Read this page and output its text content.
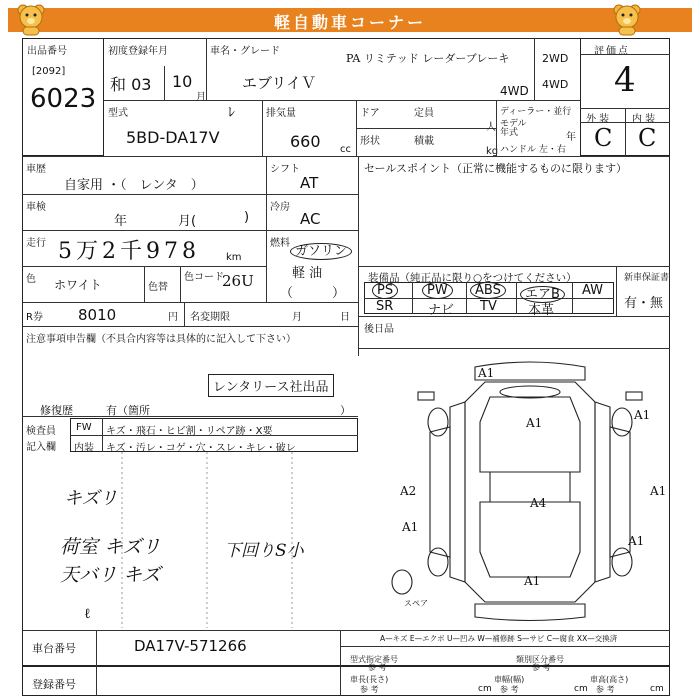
軽自動車コーナー
出品番号
[2092]
6023
初度登録年月
和 03 10
月
車名・グレード
PA リミテッド レーダーブレーキ
エブリイＶ	4WD
2WD
4WD
評価点
4
外 装 内 装
C C
型式	ﾚ
5BD-DA17V
排気量
660 cc
ドア	定員
人
形状	積載
kg
ディーラー・並行
モデル 年式	年
ハンドル 左・右
車歴
自家用 ・（　レンタ　）
シフト
AT
車検
年	月(	)
冷房
AC
走行 5万2千978	km
燃料
ガソリン
軽 油
（　　　）
色 ホワイト	色替
色コード
26U
R券 8010	円 名変期限	月	日
注意事項申告欄（不具合内容等は具体的に記入して下さい）
レンタリース社出品
修復歴	有（箇所	）
検査員
記入欄
FW キズ・飛石・ヒビ割・リペア跡・X要
内装 キズ・汚レ・コゲ・穴・スレ・キレ・破レ
キズリ
荷室 キズリ
天バリ キズ
下回りS小
ℓ
セールスポイント（正常に機能するものに限ります）
装備品（純正品に限り○をつけてください）	新車保証書
有・無
PS	PW	ABS	エアB	AW
SR	ナビ TV 本革
後日品
A1
A1
A1
A2
A1
A1
A1
A4
A1
スペア
車台番号	DA17V-571266	A—キズ E—エクボ U—凹み W—補修跡 S—サビ C—腐食 XX—交換済
登録番号
型式指定番号
参 考
類別区分番号
参 考
車長(長さ)
参 考	cm
車幅(幅)
参 考	cm
車高(高さ)
参 考	cm
